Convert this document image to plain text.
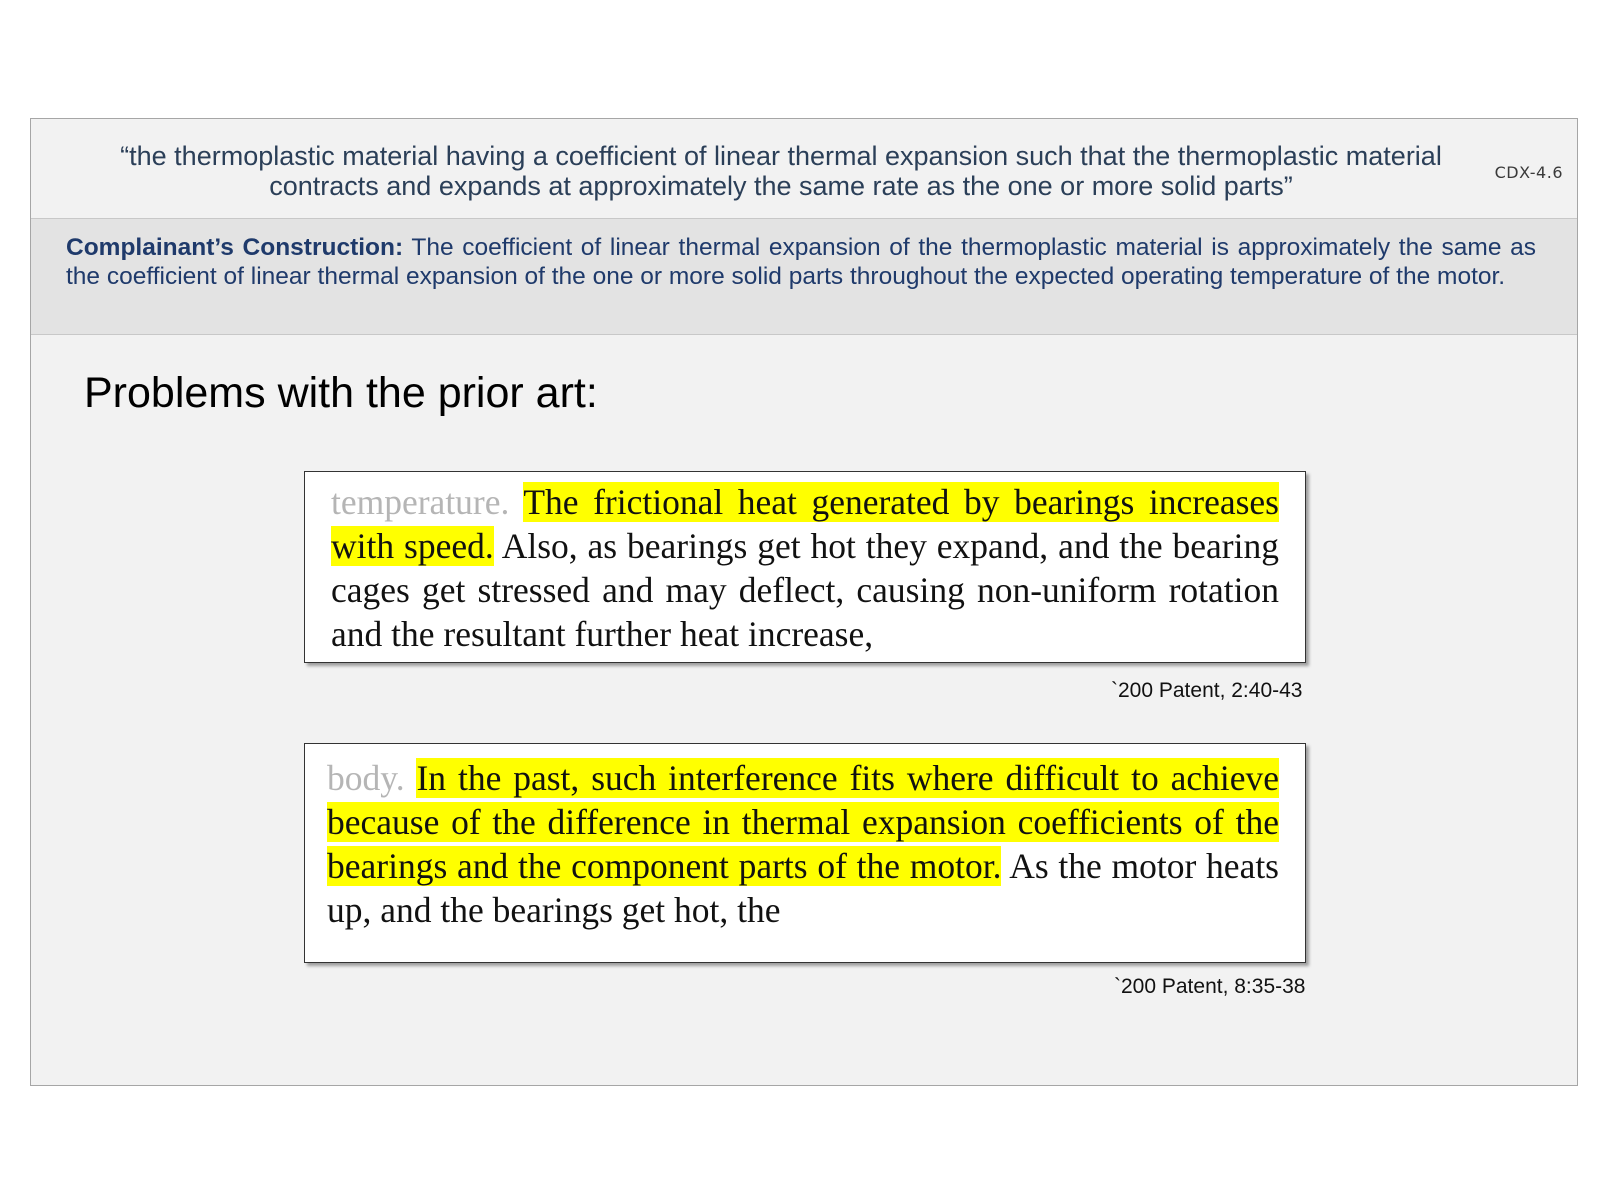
“the thermoplastic material having a coefficient of linear thermal expansion such that the thermoplastic material contracts and expands at approximately the same rate as the one or more solid parts”	CDX-4.6
Complainant’s Construction: The coefficient of linear thermal expansion of the thermoplastic material is approximately the same as the coefficient of linear thermal expansion of the one or more solid parts throughout the expected operating temperature of the motor.
Problems with the prior art:
temperature. The frictional heat generated by bearings increases with speed. Also, as bearings get hot they expand, and the bearing cages get stressed and may deflect, causing non-uniform rotation and the resultant further heat increase,
`200 Patent, 2:40-43
body. In the past, such interference fits where difficult to achieve because of the difference in thermal expansion coefficients of the bearings and the component parts of the motor. As the motor heats up, and the bearings get hot, the
`200 Patent, 8:35-38
